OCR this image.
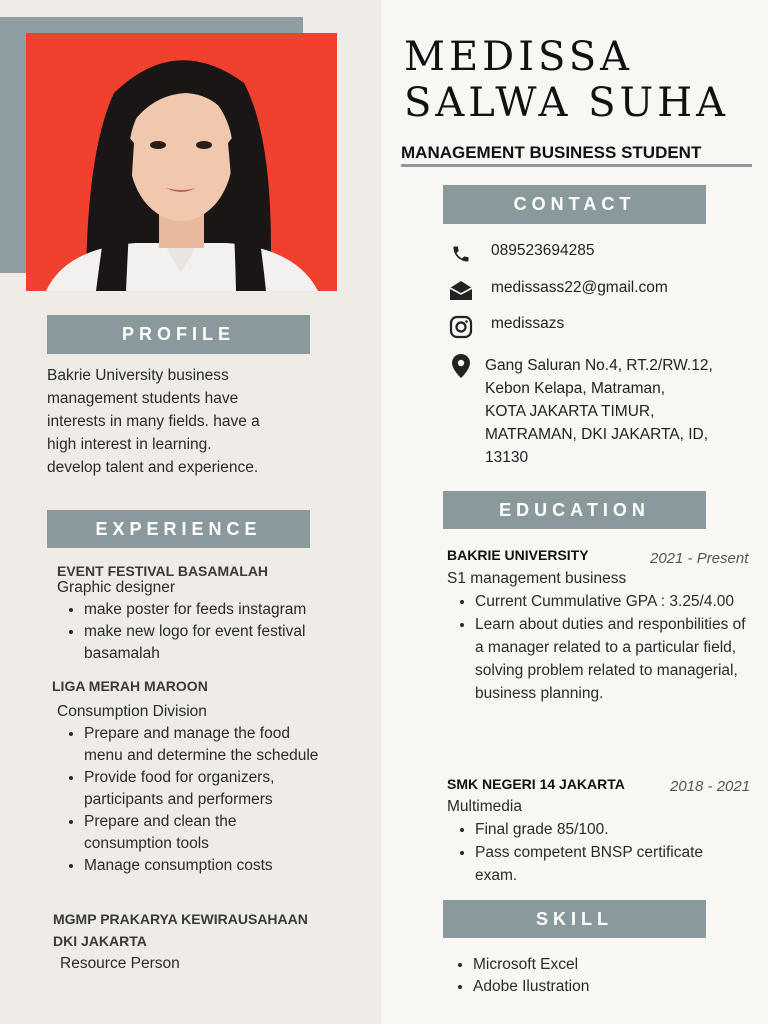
MEDISSA
SALWA SUHA
MANAGEMENT BUSINESS STUDENT
PROFILE
Bakrie University business
management students have
interests in many fields. have a
high interest in learning.
develop talent and experience.
EXPERIENCE
EVENT FESTIVAL BASAMALAH
Graphic designer
• make poster for feeds instagram
• make new logo for event festival basamalah
LIGA MERAH MAROON
Consumption Division
• Prepare and manage the food menu and determine the schedule
• Provide food for organizers, participants and performers
• Prepare and clean the consumption tools
• Manage consumption costs
MGMP PRAKARYA KEWIRAUSAHAAN
DKI JAKARTA
Resource Person
CONTACT
089523694285
medissass22@gmail.com
medissazs
Gang Saluran No.4, RT.2/RW.12,
Kebon Kelapa, Matraman,
KOTA JAKARTA TIMUR,
MATRAMAN, DKI JAKARTA, ID,
13130
EDUCATION
BAKRIE UNIVERSITY	2021 - Present
S1 management business
• Current Cummulative GPA : 3.25/4.00
• Learn about duties and responbilities of a manager related to a particular field, solving problem related to managerial, business planning.
SMK NEGERI 14 JAKARTA	2018 - 2021
Multimedia
• Final grade 85/100.
• Pass competent BNSP certificate exam.
SKILL
• Microsoft Excel
• Adobe Ilustration
